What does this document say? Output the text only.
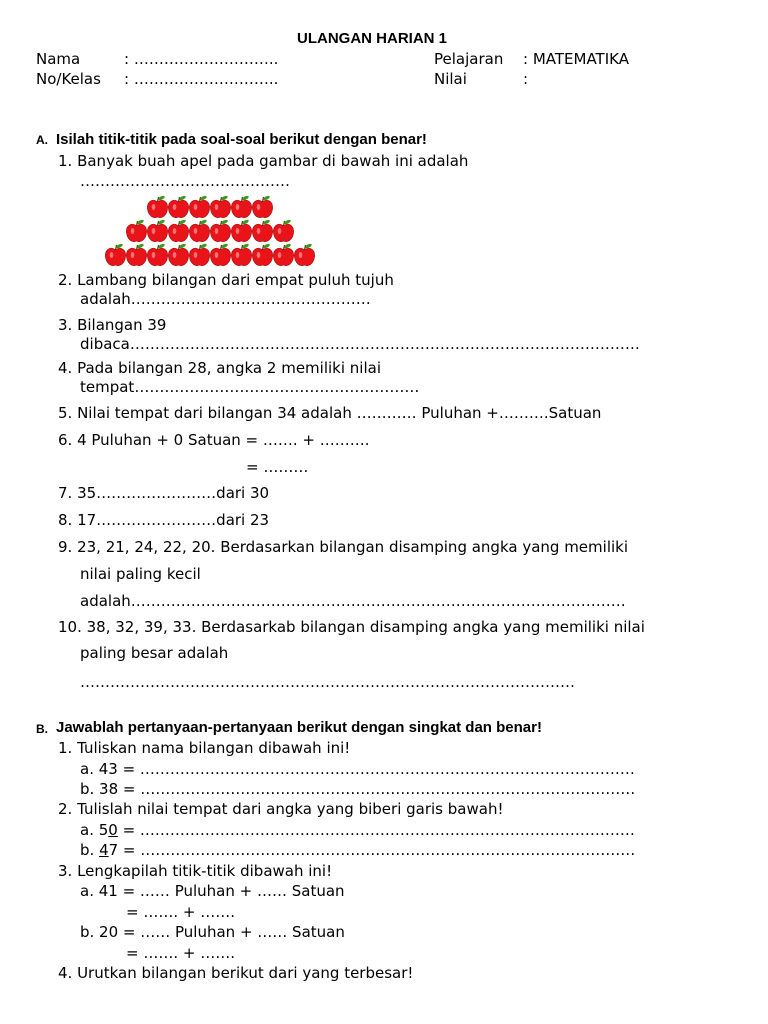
ULANGAN HARIAN 1
Nama	: ………………………..
No/Kelas : ………………………..
Pelajaran : MATEMATIKA
Nilai	:
A. Isilah titik-titik pada soal-soal berikut dengan benar!
1. Banyak buah apel pada gambar di bawah ini adalah
……………………………………
2. Lambang bilangan dari empat puluh tujuh
adalah…………………………………………
3. Bilangan 39
dibaca…………………………………………………………………………………………
4. Pada bilangan 28, angka 2 memiliki nilai
tempat…………………………………………………
5. Nilai tempat dari bilangan 34 adalah ………… Puluhan +……….Satuan
6. 4 Puluhan + 0 Satuan = ……. + ……….
= ………
7. 35……………………dari 30
8. 17……………………dari 23
9. 23, 21, 24, 22, 20. Berdasarkan bilangan disamping angka yang memiliki
nilai paling kecil
adalah………………………………………………………………………………………
10. 38, 32, 39, 33. Berdasarkab bilangan disamping angka yang memiliki nilai
paling besar adalah
………………………………………………………………………………………
B. Jawablah pertanyaan-pertanyaan berikut dengan singkat dan benar!
1. Tuliskan nama bilangan dibawah ini!
a. 43 = ………………………………………………………………………………………
b. 38 = ………………………………………………………………………………………
2. Tulislah nilai tempat dari angka yang biberi garis bawah!
a. 50 = ………………………………………………………………………………………
b. 47 = ………………………………………………………………………………………
3. Lengkapilah titik-titik dibawah ini!
a. 41 = …… Puluhan + …… Satuan
= ……. + …….
b. 20 = …… Puluhan + …… Satuan
= ……. + …….
4. Urutkan bilangan berikut dari yang terbesar!
